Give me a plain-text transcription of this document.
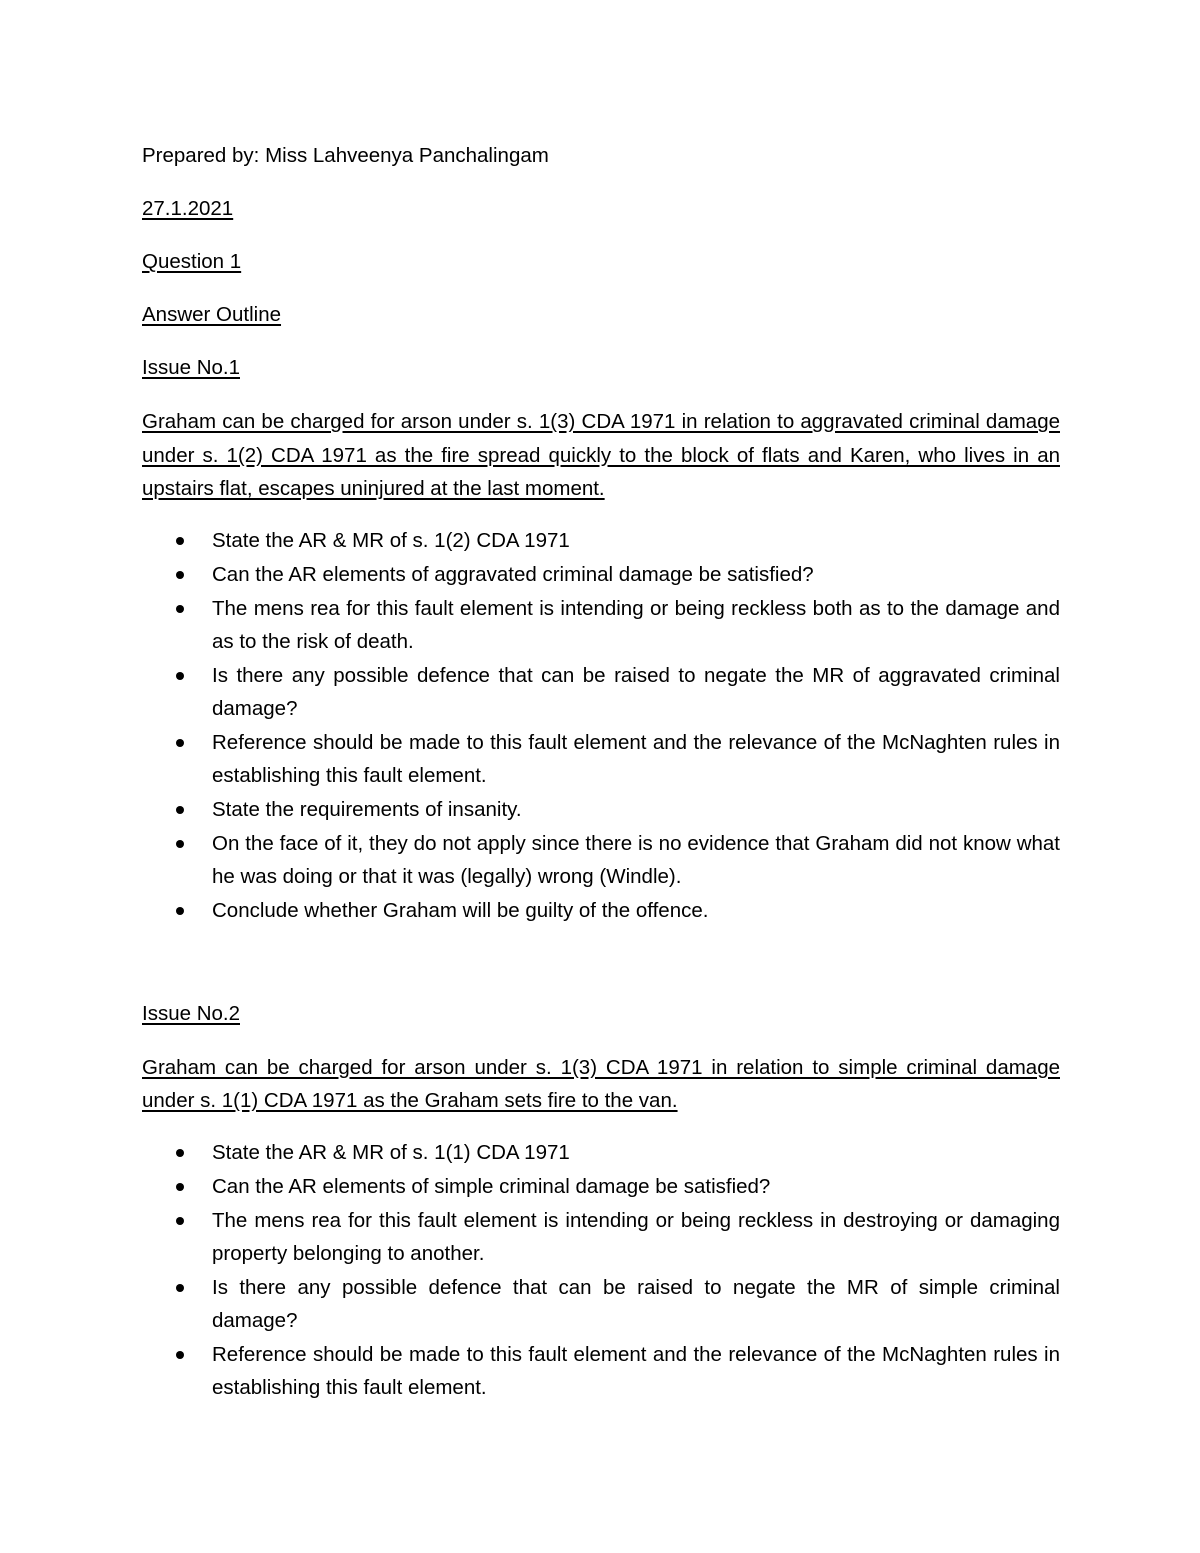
Prepared by: Miss Lahveenya Panchalingam
27.1.2021
Question 1
Answer Outline
Issue No.1
Graham can be charged for arson under s. 1(3) CDA 1971 in relation to aggravated criminal damage under s. 1(2) CDA 1971 as the fire spread quickly to the block of flats and Karen, who lives in an upstairs flat, escapes uninjured at the last moment.
State the AR & MR of s. 1(2) CDA 1971
Can the AR elements of aggravated criminal damage be satisfied?
The mens rea for this fault element is intending or being reckless both as to the damage and as to the risk of death.
Is there any possible defence that can be raised to negate the MR of aggravated criminal damage?
Reference should be made to this fault element and the relevance of the McNaghten rules in establishing this fault element.
State the requirements of insanity.
On the face of it, they do not apply since there is no evidence that Graham did not know what he was doing or that it was (legally) wrong (Windle).
Conclude whether Graham will be guilty of the offence.
Issue No.2
Graham can be charged for arson under s. 1(3) CDA 1971 in relation to simple criminal damage under s. 1(1) CDA 1971 as the Graham sets fire to the van.
State the AR & MR of s. 1(1) CDA 1971
Can the AR elements of simple criminal damage be satisfied?
The mens rea for this fault element is intending or being reckless in destroying or damaging property belonging to another.
Is there any possible defence that can be raised to negate the MR of simple criminal damage?
Reference should be made to this fault element and the relevance of the McNaghten rules in establishing this fault element.
